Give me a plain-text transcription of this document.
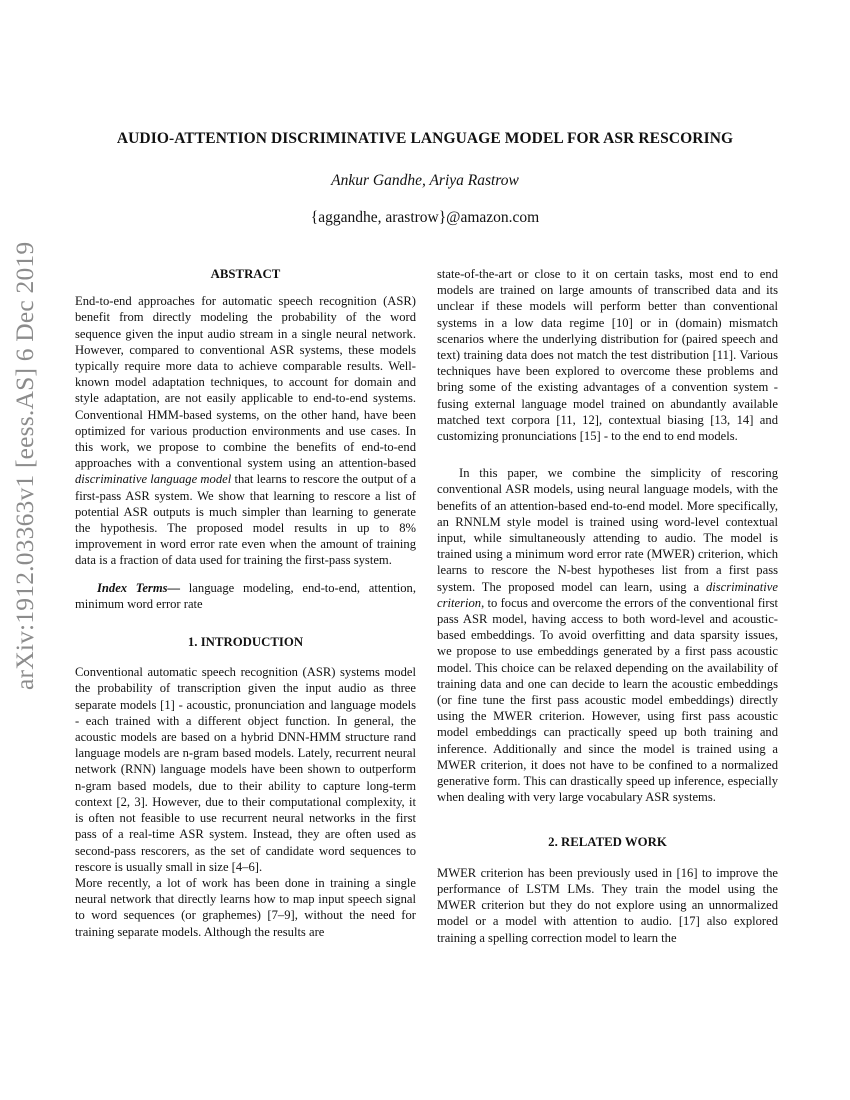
arXiv:1912.03363v1 [eess.AS] 6 Dec 2019
AUDIO-ATTENTION DISCRIMINATIVE LANGUAGE MODEL FOR ASR RESCORING
Ankur Gandhe, Ariya Rastrow
{aggandhe, arastrow}@amazon.com
ABSTRACT

End-to-end approaches for automatic speech recognition (ASR) benefit from directly modeling the probability of the word sequence given the input audio stream in a single neural network. However, compared to conventional ASR systems, these models typically require more data to achieve comparable results. Well-known model adaptation techniques, to account for domain and style adaptation, are not easily applicable to end-to-end systems. Conventional HMM-based systems, on the other hand, have been optimized for various production environments and use cases. In this work, we propose to combine the benefits of end-to-end approaches with a conventional system using an attention-based discriminative language model that learns to rescore the output of a first-pass ASR system. We show that learning to rescore a list of potential ASR outputs is much simpler than learning to generate the hypothesis. The proposed model results in up to 8% improvement in word error rate even when the amount of training data is a fraction of data used for training the first-pass system.

Index Terms— language modeling, end-to-end, attention, minimum word error rate

1. INTRODUCTION

Conventional automatic speech recognition (ASR) systems model the probability of transcription given the input audio as three separate models [1] - acoustic, pronunciation and language models - each trained with a different object function. In general, the acoustic models are based on a hybrid DNN-HMM structure rand language models are n-gram based models. Lately, recurrent neural network (RNN) language models have been shown to outperform n-gram based models, due to their ability to capture long-term context [2, 3]. However, due to their computational complexity, it is often not feasible to use recurrent neural networks in the first pass of a real-time ASR system. Instead, they are often used as second-pass rescorers, as the set of candidate word sequences to rescore is usually small in size [4–6].

More recently, a lot of work has been done in training a single neural network that directly learns how to map input speech signal to word sequences (or graphemes) [7–9], without the need for training separate models. Although the results are

state-of-the-art or close to it on certain tasks, most end to end models are trained on large amounts of transcribed data and its unclear if these models will perform better than conventional systems in a low data regime [10] or in (domain) mismatch scenarios where the underlying distribution for (paired speech and text) training data does not match the test distribution [11]. Various techniques have been explored to overcome these problems and bring some of the existing advantages of a convention system - fusing external language model trained on abundantly available matched text corpora [11, 12], contextual biasing [13, 14] and customizing pronunciations [15] - to the end to end models.

In this paper, we combine the simplicity of rescoring conventional ASR models, using neural language models, with the benefits of an attention-based end-to-end model. More specifically, an RNNLM style model is trained using word-level contextual input, while simultaneously attending to audio. The model is trained using a minimum word error rate (MWER) criterion, which learns to rescore the N-best hypotheses list from a first pass system. The proposed model can learn, using a discriminative criterion, to focus and overcome the errors of the conventional first pass ASR model, having access to both word-level and acoustic-based embeddings. To avoid overfitting and data sparsity issues, we propose to use embeddings generated by a first pass acoustic model. This choice can be relaxed depending on the availability of training data and one can decide to learn the acoustic embeddings (or fine tune the first pass acoustic model embeddings) directly using the MWER criterion. However, using first pass acoustic model embeddings can practically speed up both training and inference. Additionally and since the model is trained using a MWER criterion, it does not have to be confined to a normalized generative form. This can drastically speed up inference, especially when dealing with very large vocabulary ASR systems.

2. RELATED WORK

MWER criterion has been previously used in [16] to improve the performance of LSTM LMs. They train the model using the MWER criterion but they do not explore using an unnormalized model or a model with attention to audio. [17] also explored training a spelling correction model to learn the
